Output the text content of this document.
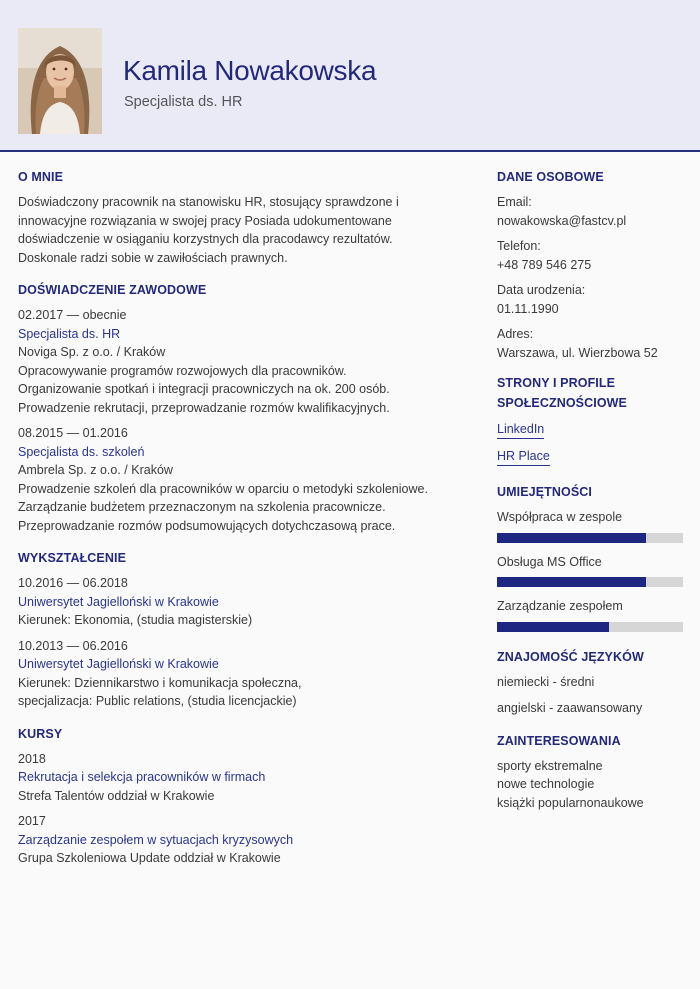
Kamila Nowakowska
Specjalista ds. HR
O MNIE
Doświadczony pracownik na stanowisku HR, stosujący sprawdzone i
innowacyjne rozwiązania w swojej pracy Posiada udokumentowane
doświadczenie w osiąganiu korzystnych dla pracodawcy rezultatów.
Doskonale radzi sobie w zawiłościach prawnych.
DOŚWIADCZENIE ZAWODOWE
02.2017 — obecnie
Specjalista ds. HR
Noviga Sp. z o.o. / Kraków
Opracowywanie programów rozwojowych dla pracowników.
Organizowanie spotkań i integracji pracowniczych na ok. 200 osób.
Prowadzenie rekrutacji, przeprowadzanie rozmów kwalifikacyjnych.
08.2015 — 01.2016
Specjalista ds. szkoleń
Ambrela Sp. z o.o. / Kraków
Prowadzenie szkoleń dla pracowników w oparciu o metodyki szkoleniowe.
Zarządzanie budżetem przeznaczonym na szkolenia pracownicze.
Przeprowadzanie rozmów podsumowujących dotychczasową prace.
WYKSZTAŁCENIE
10.2016 — 06.2018
Uniwersytet Jagielloński w Krakowie
Kierunek: Ekonomia, (studia magisterskie)
10.2013 — 06.2016
Uniwersytet Jagielloński w Krakowie
Kierunek: Dziennikarstwo i komunikacja społeczna,
specjalizacja: Public relations, (studia licencjackie)
KURSY
2018
Rekrutacja i selekcja pracowników w firmach
Strefa Talentów oddział w Krakowie
2017
Zarządzanie zespołem w sytuacjach kryzysowych
Grupa Szkoleniowa Update oddział w Krakowie
DANE OSOBOWE
Email:
nowakowska@fastcv.pl
Telefon:
+48 789 546 275
Data urodzenia:
01.11.1990
Adres:
Warszawa, ul. Wierzbowa 52
STRONY I PROFILE
SPOŁECZNOŚCIOWE
LinkedIn
HR Place
UMIEJĘTNOŚCI
Współpraca w zespole
Obsługa MS Office
Zarządzanie zespołem
ZNAJOMOŚĆ JĘZYKÓW
niemiecki - średni
angielski - zaawansowany
ZAINTERESOWANIA
sporty ekstremalne
nowe technologie
książki popularnonaukowe
